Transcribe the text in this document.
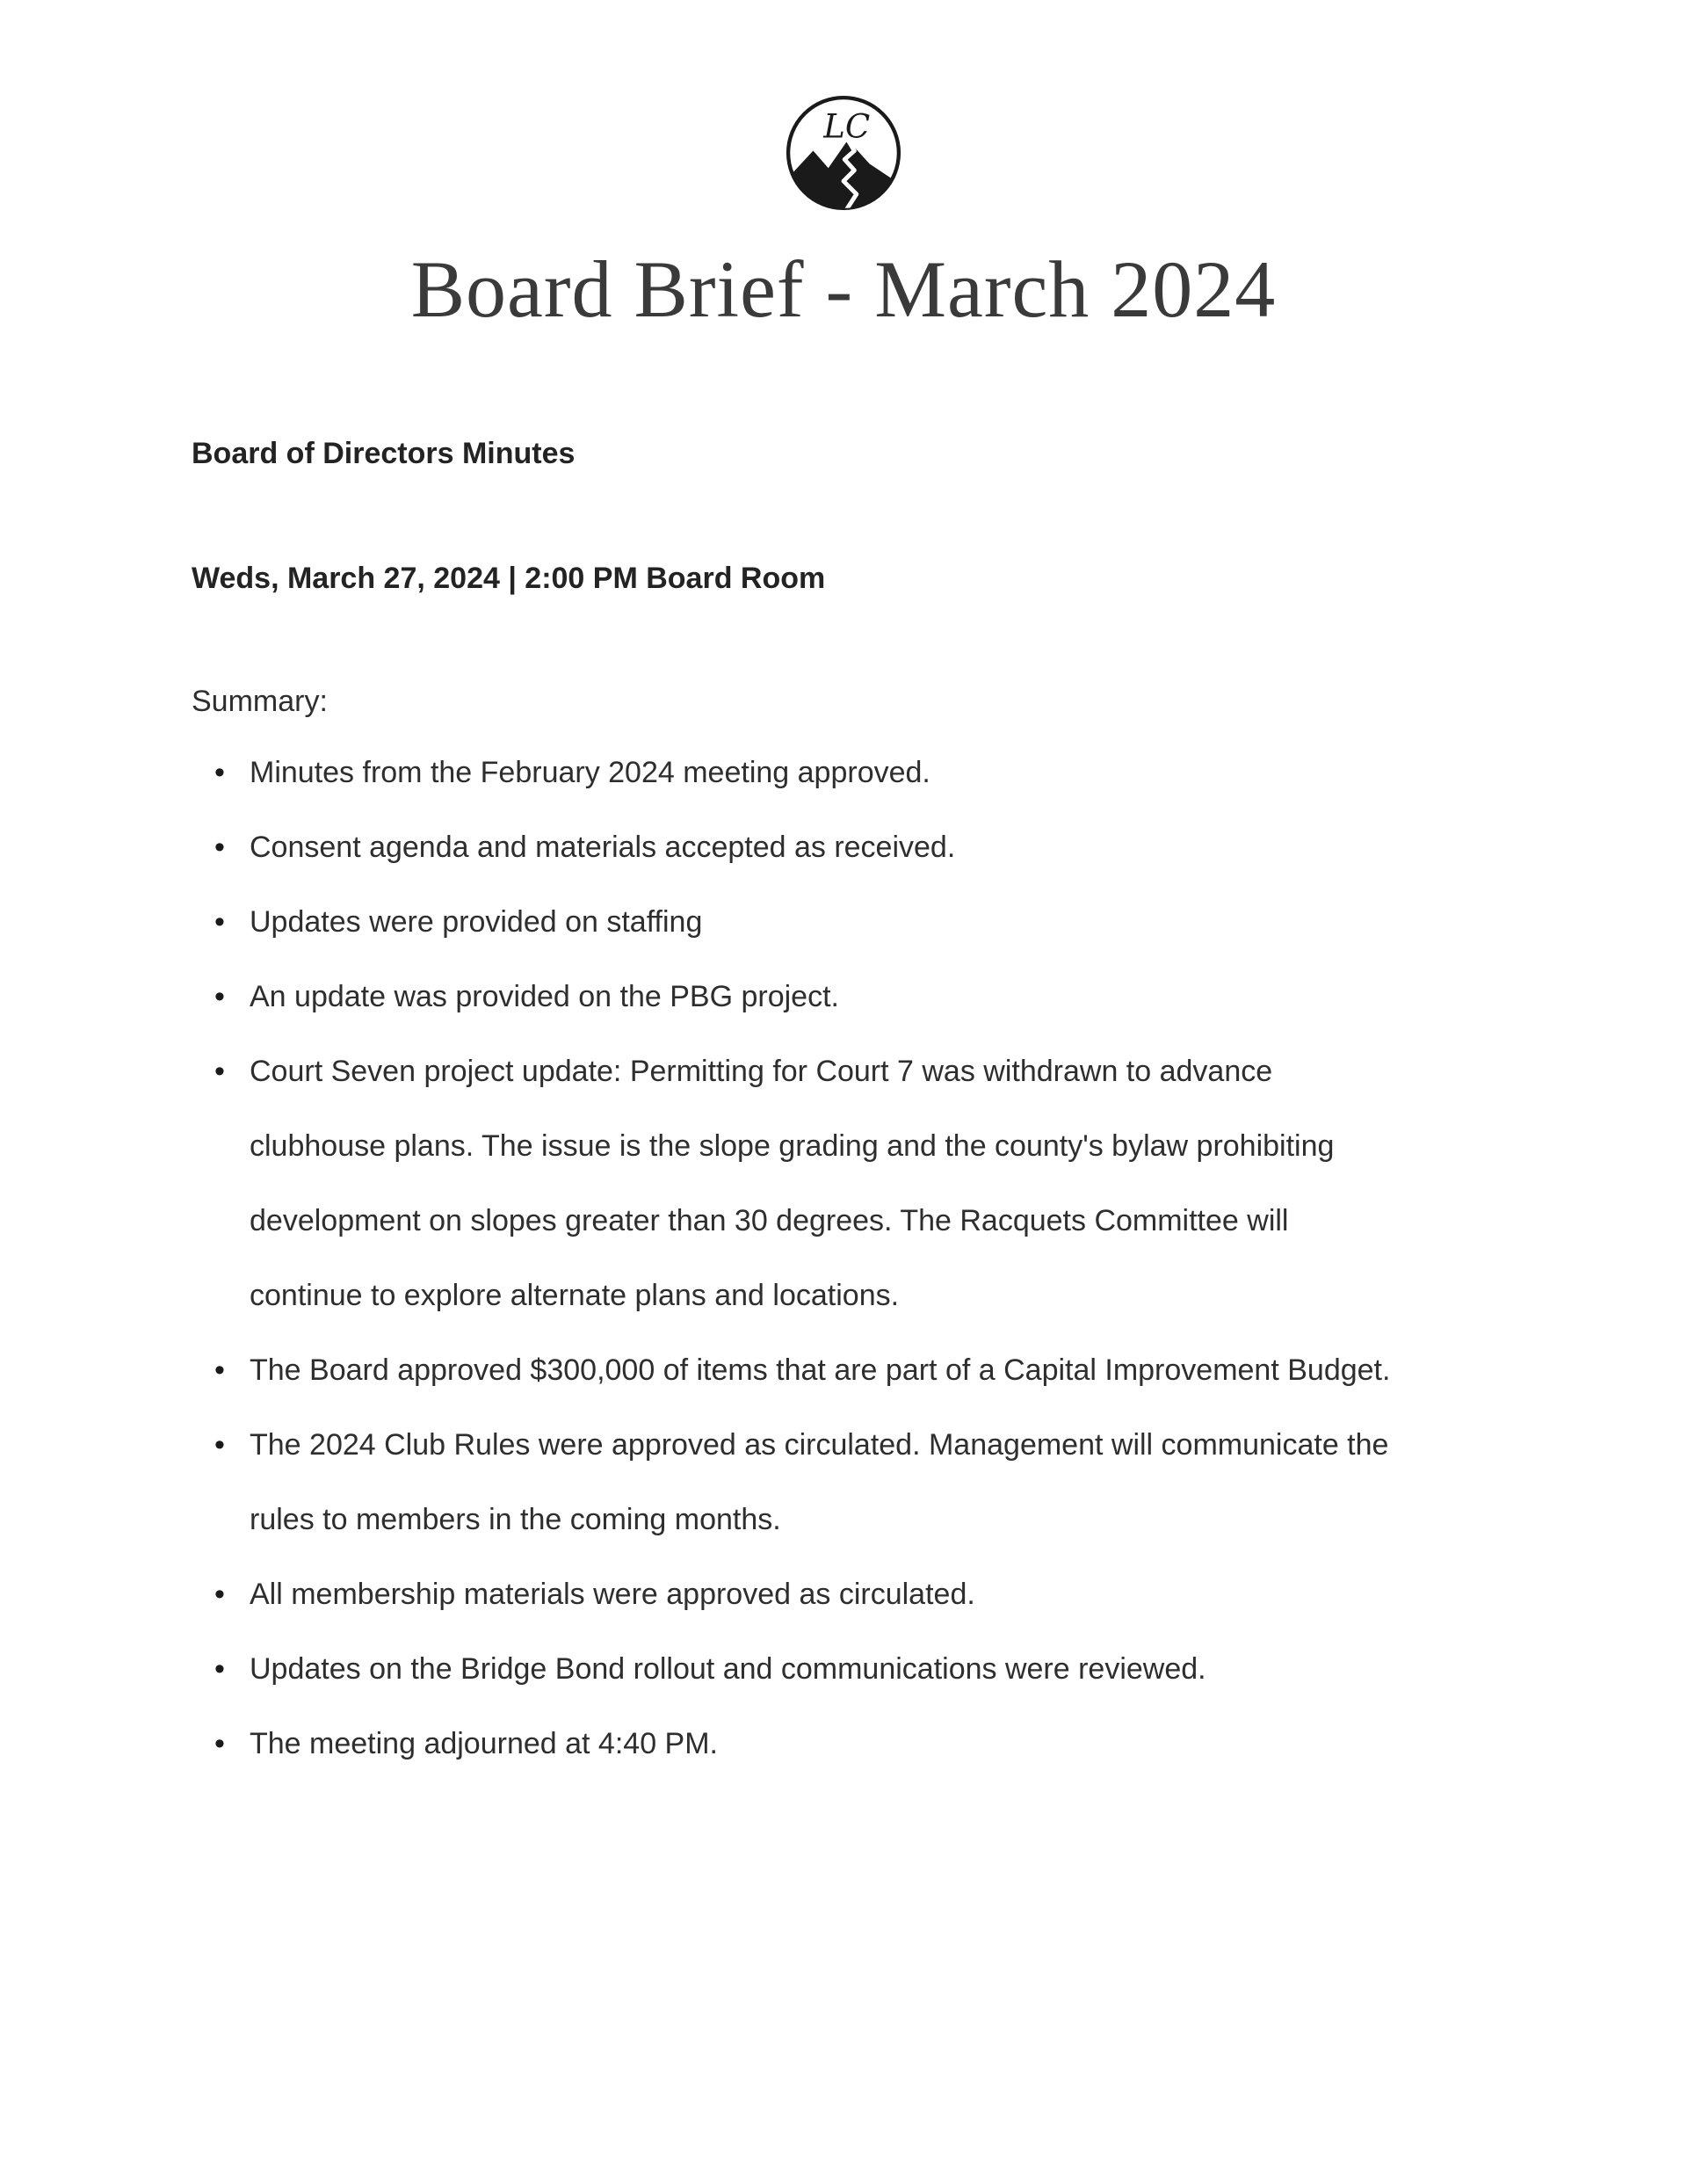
LC
Board Brief - March 2024
Board of Directors Minutes
Weds, March 27, 2024 | 2:00 PM Board Room

Summary:

• Minutes from the February 2024 meeting approved.
• Consent agenda and materials accepted as received.
• Updates were provided on staffing
• An update was provided on the PBG project.
• Court Seven project update: Permitting for Court 7 was withdrawn to advance clubhouse plans. The issue is the slope grading and the county's bylaw prohibiting development on slopes greater than 30 degrees. The Racquets Committee will continue to explore alternate plans and locations.
• The Board approved $300,000 of items that are part of a Capital Improvement Budget.
• The 2024 Club Rules were approved as circulated. Management will communicate the rules to members in the coming months.
• All membership materials were approved as circulated.
• Updates on the Bridge Bond rollout and communications were reviewed.
• The meeting adjourned at 4:40 PM.
